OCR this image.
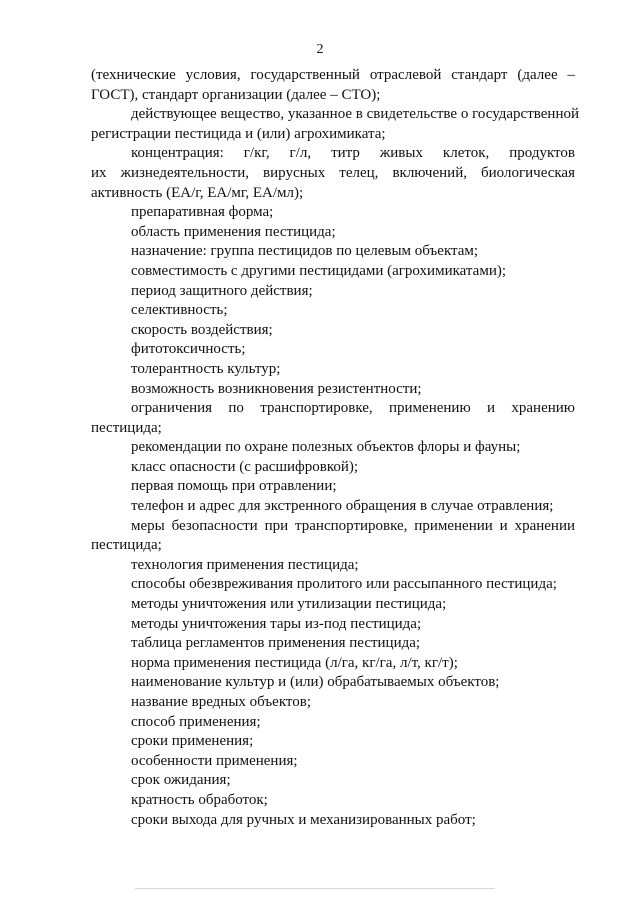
2
(технические условия, государственный отраслевой стандарт (далее –
ГОСТ), стандарт организации (далее – СТО);
действующее вещество, указанное в свидетельстве о государственной
регистрации пестицида и (или) агрохимиката;
концентрация: г/кг, г/л, титр живых клеток, продуктов
их жизнедеятельности, вирусных телец, включений, биологическая
активность (ЕА/г, ЕА/мг, ЕА/мл);
препаративная форма;
область применения пестицида;
назначение: группа пестицидов по целевым объектам;
совместимость с другими пестицидами (агрохимикатами);
период защитного действия;
селективность;
скорость воздействия;
фитотоксичность;
толерантность культур;
возможность возникновения резистентности;
ограничения по транспортировке, применению и хранению
пестицида;
рекомендации по охране полезных объектов флоры и фауны;
класс опасности (с расшифровкой);
первая помощь при отравлении;
телефон и адрес для экстренного обращения в случае отравления;
меры безопасности при транспортировке, применении и хранении
пестицида;
технология применения пестицида;
способы обезвреживания пролитого или рассыпанного пестицида;
методы уничтожения или утилизации пестицида;
методы уничтожения тары из-под пестицида;
таблица регламентов применения пестицида;
норма применения пестицида (л/га, кг/га, л/т, кг/т);
наименование культур и (или) обрабатываемых объектов;
название вредных объектов;
способ применения;
сроки применения;
особенности применения;
срок ожидания;
кратность обработок;
сроки выхода для ручных и механизированных работ;
